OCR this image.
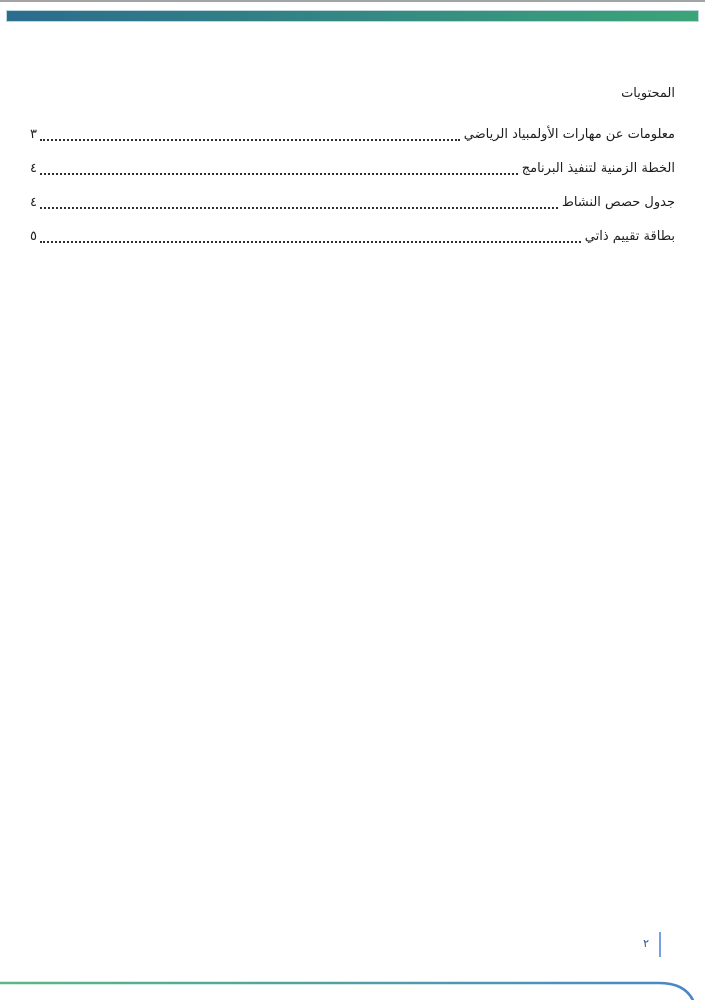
المحتويات
معلومات عن مهارات الأولمبياد الرياضي
٣
الخطة الزمنية لتنفيذ البرنامج
٤
جدول حصص النشاط
٤
بطاقة تقييم ذاتي
٥
٢
